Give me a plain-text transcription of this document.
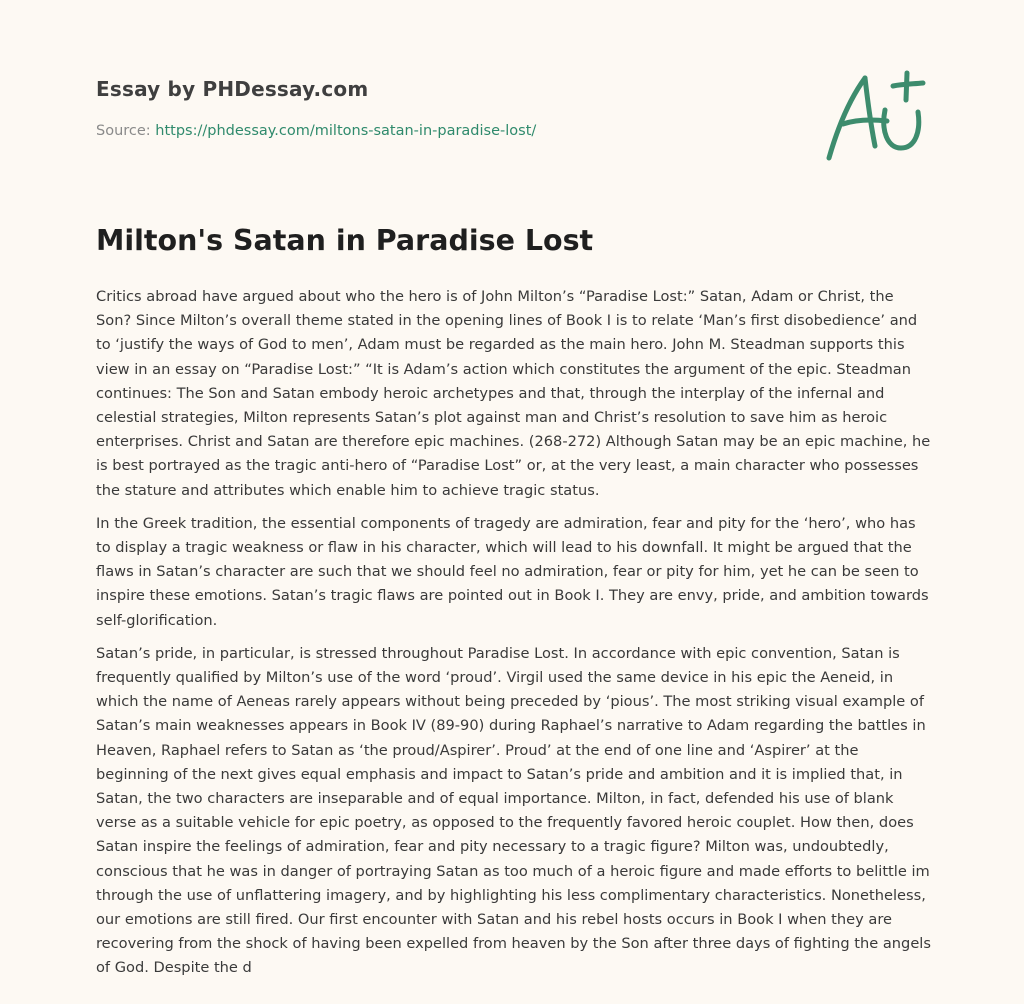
Essay by PHDessay.com
Source: https://phdessay.com/miltons-satan-in-paradise-lost/
Milton's Satan in Paradise Lost

Critics abroad have argued about who the hero is of John Milton’s “Paradise Lost:” Satan, Adam or Christ, the Son? Since Milton’s overall theme stated in the opening lines of Book I is to relate ‘Man’s first disobedience’ and to ‘justify the ways of God to men’, Adam must be regarded as the main hero. John M. Steadman supports this view in an essay on “Paradise Lost:” “It is Adam’s action which constitutes the argument of the epic. Steadman continues: The Son and Satan embody heroic archetypes and that, through the interplay of the infernal and celestial strategies, Milton represents Satan’s plot against man and Christ’s resolution to save him as heroic enterprises. Christ and Satan are therefore epic machines. (268-272) Although Satan may be an epic machine, he is best portrayed as the tragic anti-hero of “Paradise Lost” or, at the very least, a main character who possesses the stature and attributes which enable him to achieve tragic status.

In the Greek tradition, the essential components of tragedy are admiration, fear and pity for the ‘hero’, who has to display a tragic weakness or flaw in his character, which will lead to his downfall. It might be argued that the flaws in Satan’s character are such that we should feel no admiration, fear or pity for him, yet he can be seen to inspire these emotions. Satan’s tragic flaws are pointed out in Book I. They are envy, pride, and ambition towards self-glorification.

Satan’s pride, in particular, is stressed throughout Paradise Lost. In accordance with epic convention, Satan is frequently qualified by Milton’s use of the word ‘proud’. Virgil used the same device in his epic the Aeneid, in which the name of Aeneas rarely appears without being preceded by ‘pious’. The most striking visual example of Satan’s main weaknesses appears in Book IV (89-90) during Raphael’s narrative to Adam regarding the battles in Heaven, Raphael refers to Satan as ‘the proud/Aspirer’. Proud’ at the end of one line and ‘Aspirer’ at the beginning of the next gives equal emphasis and impact to Satan’s pride and ambition and it is implied that, in Satan, the two characters are inseparable and of equal importance. Milton, in fact, defended his use of blank verse as a suitable vehicle for epic poetry, as opposed to the frequently favored heroic couplet. How then, does Satan inspire the feelings of admiration, fear and pity necessary to a tragic figure? Milton was, undoubtedly, conscious that he was in danger of portraying Satan as too much of a heroic figure and made efforts to belittle im through the use of unflattering imagery, and by highlighting his less complimentary characteristics. Nonetheless, our emotions are still fired. Our first encounter with Satan and his rebel hosts occurs in Book I when they are recovering from the shock of having been expelled from heaven by the Son after three days of fighting the angels of God. Despite the d
